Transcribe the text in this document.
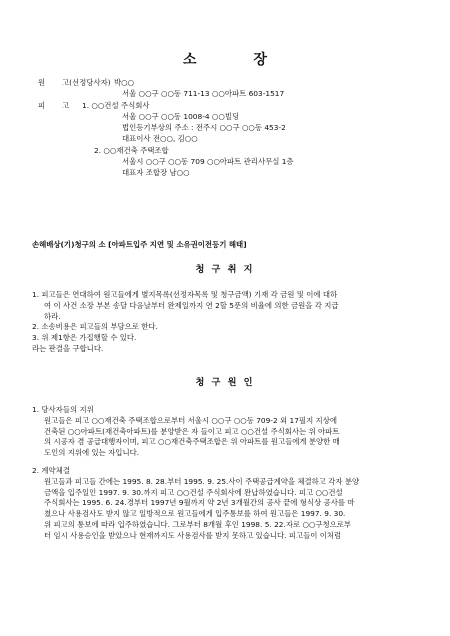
소 장
원 고(선정당사자) 박○○
서울 ○○구 ○○동 711-13 ○○아파트 603-1517
피 고	1. ○○건설 주식회사
서울 ○○구 ○○동 1008-4 ○○빌딩
법인등기부상의 주소 : 전주시 ○○구 ○○동 453-2
대표이사 전○○, 김○○
2. ○○재건축 주택조합
서울시 ○○구 ○○동 709 ○○아파트 관리사무실 1층
대표자 조합장 남○○
손해배상(기)청구의 소 [아파트입주 지연 및 소유권이전등기 해태]
청 구 취 지
1. 피고들은 연대하여 원고들에게 별지목록(선정자목록 및 청구금액) 기재 각 금원 및 이에 대하
여 이 사건 소장 부본 송달 다음날부터 완제일까지 연 2할 5푼의 비율에 의한 금원을 각 지급
하라.
2. 소송비용은 피고들의 부담으로 한다.
3. 위 제1항은 가집행할 수 있다.
라는 판결을 구합니다.
청 구 원 인
1. 당사자들의 지위
원고들은 피고 ○○재건축 주택조합으로부터 서울시 ○○구 ○○동 709-2 외 17필지 지상에
건축된 ○○아파트(재건축아파트)를 분양받은 자 들이고 피고 ○○건설 주식회사는 위 아파트
의 시공자 겸 공급대행자이며, 피고 ○○재건축주택조합은 위 아파트를 원고들에게 분양한 매
도인의 지위에 있는 자입니다.
2. 계약체결
원고들과 피고들 간에는 1995. 8. 28.부터 1995. 9. 25.사이 주택공급계약을 체결하고 각자 분양
금액을 입주일인 1997. 9. 30.까지 피고 ○○건설 주식회사에 완납하였습니다. 피고 ○○건설
주식회사는 1995. 6. 24.경부터 1997년 9월까지 약 2년 3개월간의 공사 끝에 형식상 공사를 마
쳤으나 사용검사도 받지 않고 일방적으로 원고들에게 입주통보를 하여 원고들은 1997. 9. 30.
위 피고의 통보에 따라 입주하였습니다. 그로부터 8개월 후인 1998. 5. 22.자로 ○○구청으로부
터 임시 사용승인을 받았으나 현재까지도 사용검사를 받지 못하고 있습니다. 피고들이 이처럼
